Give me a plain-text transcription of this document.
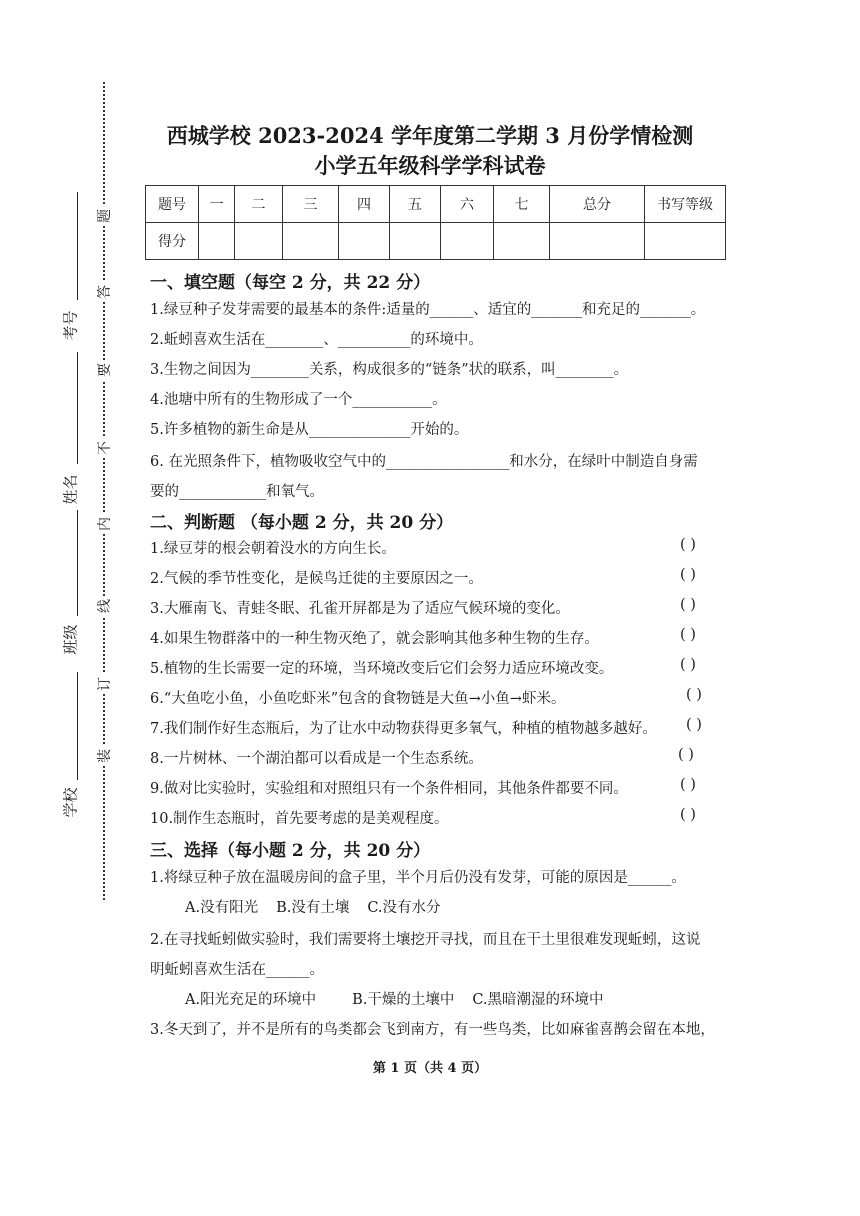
考号
姓名
班级
学校
题
答
要
不
内
线
订
装
西城学校 2023-2024 学年度第二学期 3 月份学情检测
小学五年级科学学科试卷
题号	一	二	三	四	五	六	七	总分	书写等级
得分									
一、填空题（每空 2 分，共 22 分）
1.绿豆种子发芽需要的最基本的条件:适量的______、适宜的_______和充足的_______。
2.蚯蚓喜欢生活在________、__________的环境中。
3.生物之间因为________关系，构成很多的“链条”状的联系，叫________。
4.池塘中所有的生物形成了一个___________。
5.许多植物的新生命是从______________开始的。
6. 在光照条件下，植物吸收空气中的_________________和水分，在绿叶中制造自身需
要的____________和氧气。
二、判断题 （每小题 2 分，共 20 分）
1.绿豆芽的根会朝着没水的方向生长。	( )
2.气候的季节性变化，是候鸟迁徙的主要原因之一。	( )
3.大雁南飞、青蛙冬眠、孔雀开屏都是为了适应气候环境的变化。	( )
4.如果生物群落中的一种生物灭绝了，就会影响其他多种生物的生存。	( )
5.植物的生长需要一定的环境，当环境改变后它们会努力适应环境改变。	( )
6.“大鱼吃小鱼，小鱼吃虾米”包含的食物链是大鱼→小鱼→虾米。	( )
7.我们制作好生态瓶后，为了让水中动物获得更多氧气，种植的植物越多越好。 ( )
8.一片树林、一个湖泊都可以看成是一个生态系统。	( )
9.做对比实验时，实验组和对照组只有一个条件相同，其他条件都要不同。	( )
10.制作生态瓶时，首先要考虑的是美观程度。	( )
三、选择（每小题 2 分，共 20 分）
1.将绿豆种子放在温暖房间的盒子里，半个月后仍没有发芽，可能的原因是______。
A.没有阳光 B.没有土壤 C.没有水分
2.在寻找蚯蚓做实验时，我们需要将土壤挖开寻找，而且在干土里很难发现蚯蚓，这说
明蚯蚓喜欢生活在______。
A.阳光充足的环境中 B.干燥的土壤中 C.黑暗潮湿的环境中
3.冬天到了，并不是所有的鸟类都会飞到南方，有一些鸟类，比如麻雀喜鹊会留在本地，
第 1 页（共 4 页）
